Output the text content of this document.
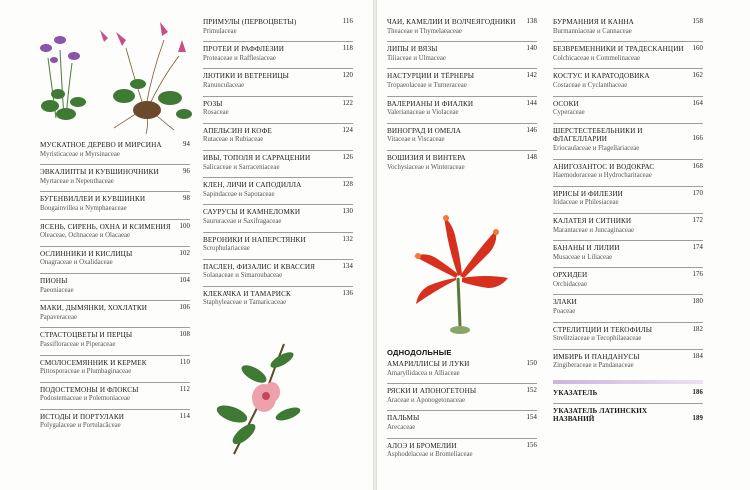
МУСКАТНОЕ ДЕРЕВО И МИРСИНА	94
Myristicaceae и Myrsinaceae
ЭВКАЛИПТЫ И КУВШИНОЧНИКИ	96
Myrtaceae и Nepenthaceae
БУГЕНВИЛЛЕИ И КУВШИНКИ	98
Bougainvillea и Nymphaeaceae
ЯСЕНЬ, СИРЕНЬ, ОХНА И КСИМЕНИЯ	100
Oleaceae, Ochnaceae и Olacaeae
ОСЛИННИКИ И КИСЛИЦЫ	102
Onagraceae и Oxalidaceae
ПИОНЫ	104
Paeoniaceae
МАКИ, ДЫМЯНКИ, ХОХЛАТКИ	106
Papaveraceae
СТРАСТОЦВЕТЫ И ПЕРЦЫ	108
Passifloraceae и Piperaceae
СМОЛОСЕМЯННИК И КЕРМЕК	110
Pittosporaceae и Plumbaginaceae
ПОДОСТЕМОНЫ И ФЛОКСЫ	112
Podostemaceae и Polemoniaceae
ИСТОДЫ И ПОРТУЛАКИ	114
Polygalaceae и Portulacăceae
ПРИМУЛЫ (ПЕРВОЦВЕТЫ)	116
Primulaceae
ПРОТЕИ И РАФФЛЕЗИИ	118
Proteaceae и Rafflesiaceae
ЛЮТИКИ И ВЕТРЕНИЦЫ	120
Ranunculaceae
РОЗЫ	122
Rosaceae
АПЕЛЬСИН И КОФЕ	124
Rutaceae и Rubiaceae
ИВЫ, ТОПОЛЯ И САРРАЦЕНИИ	126
Salicaceae и Sarraceniaceae
КЛЕН, ЛИЧИ И САПОДИЛЛА	128
Sapindaceae и Sapotaceae
САУРУСЫ И КАМНЕЛОМКИ	130
Saururaceae и Saxifragaceae
ВЕРОНИКИ И НАПЕРСТЯНКИ	132
Scrophulariaceae
ПАСЛЕН, ФИЗАЛИС И КВАССИЯ	134
Solanaceae и Simaroubaceae
КЛЕКАЧКА И ТАМАРИСК	136
Staphyleaceae и Tamaricaceae
ЧАИ, КАМЕЛИИ И ВОЛЧЕЯГОДНИКИ	138
Theaceae и Thymelaeaceae
ЛИПЫ И ВЯЗЫ	140
Tiliaceae и Ulmaceae
НАСТУРЦИИ И ТЁРНЕРЫ	142
Tropaeolaceae и Turneraceae
ВАЛЕРИАНЫ И ФИАЛКИ	144
Valerianaceae и Violaceae
ВИНОГРАД И ОМЕЛА	146
Vitaceae и Viscaceae
ВОШИЗИЯ И ВИНТЕРА	148
Vochysiaceae и Winteraceae
ОДНОДОЛЬНЫЕ
АМАРИЛЛИСЫ И ЛУКИ	150
Amaryllidacea и Alliaceae
РЯСКИ И АПОНОГЕТОНЫ	152
Araceae и Aponogetonaceae
ПАЛЬМЫ	154
Arecaceae
АЛОЭ И БРОМЕЛИИ	156
Asphodelaceae и Bromeliaceae
БУРМАННИЯ И КАННА	158
Burmanniaceae и Cannaceae
БЕЗВРЕМЕННИКИ И ТРАДЕСКАНЦИИ	160
Colchicaceae и Commelinaceae
КОСТУС И КАРАТОДОВИКА	162
Costaceae и Cyclanthaceae
ОСОКИ	164
Cyperaceae
ШЕРСТЕСТЕБЕЛЬНИКИ И ФЛАГЕЛЛАРИИ	166
Eriocaulaceae и Flagellariaceae
АНИГОЗАНТОС И ВОДОКРАС	168
Haemodoraceae и Hydrocharitaceae
ИРИСЫ И ФИЛЕЗИИ	170
Iridaceae и Philesiaceae
КАЛАТЕЯ И СИТНИКИ	172
Marantaceae и Juncaginaceae
БАНАНЫ И ЛИЛИИ	174
Musaceae и Liliaceae
ОРХИДЕИ	176
Orchidaceae
ЗЛАКИ	180
Poaceae
СТРЕЛИТЦИИ И ТЕКОФИЛЫ	182
Strelitziaceae и Tecophilaeaceae
ИМБИРЬ И ПАНДАНУСЫ	184
Zingiberaceae и Pandanaceae
УКАЗАТЕЛЬ	186
УКАЗАТЕЛЬ ЛАТИНСКИХ НАЗВАНИЙ	189
